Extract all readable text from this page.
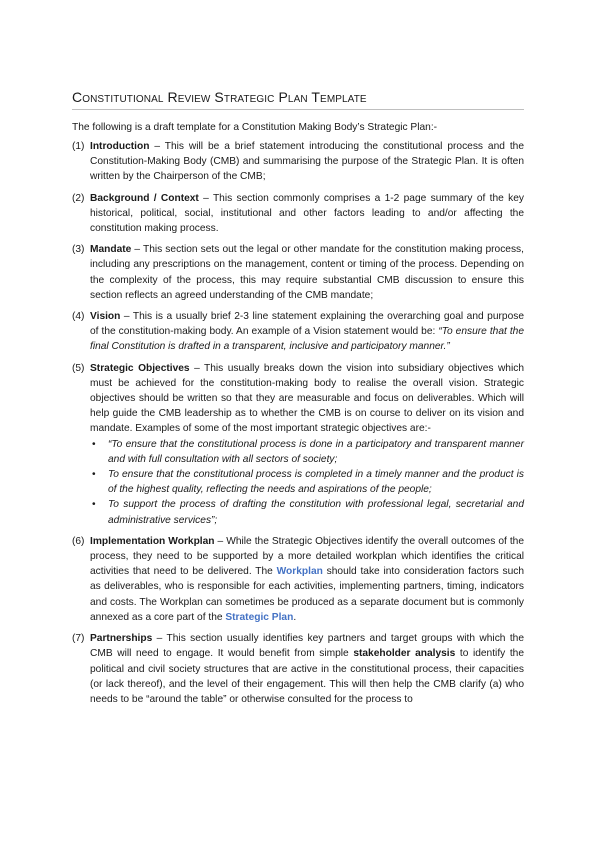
Constitutional Review Strategic Plan Template

The following is a draft template for a Constitution Making Body’s Strategic Plan:-

(1) Introduction – This will be a brief statement introducing the constitutional process and the Constitution-Making Body (CMB) and summarising the purpose of the Strategic Plan. It is often written by the Chairperson of the CMB;
(2) Background / Context – This section commonly comprises a 1-2 page summary of the key historical, political, social, institutional and other factors leading to and/or affecting the constitution making process.
(3) Mandate – This section sets out the legal or other mandate for the constitution making process, including any prescriptions on the management, content or timing of the process. Depending on the complexity of the process, this may require substantial CMB discussion to ensure this section reflects an agreed understanding of the CMB mandate;
(4) Vision – This is a usually brief 2-3 line statement explaining the overarching goal and purpose of the constitution-making body. An example of a Vision statement would be: “To ensure that the final Constitution is drafted in a transparent, inclusive and participatory manner.”
(5) Strategic Objectives – This usually breaks down the vision into subsidiary objectives which must be achieved for the constitution-making body to realise the overall vision. Strategic objectives should be written so that they are measurable and focus on deliverables. Which will help guide the CMB leadership as to whether the CMB is on course to deliver on its vision and mandate. Examples of some of the most important strategic objectives are:-
• “To ensure that the constitutional process is done in a participatory and transparent manner and with full consultation with all sectors of society;
• To ensure that the constitutional process is completed in a timely manner and the product is of the highest quality, reflecting the needs and aspirations of the people;
• To support the process of drafting the constitution with professional legal, secretarial and administrative services”;
(6) Implementation Workplan – While the Strategic Objectives identify the overall outcomes of the process, they need to be supported by a more detailed workplan which identifies the critical activities that need to be delivered. The Workplan should take into consideration factors such as deliverables, who is responsible for each activities, implementing partners, timing, indicators and costs. The Workplan can sometimes be produced as a separate document but is commonly annexed as a core part of the Strategic Plan.
(7) Partnerships – This section usually identifies key partners and target groups with which the CMB will need to engage. It would benefit from simple stakeholder analysis to identify the political and civil society structures that are active in the constitutional process, their capacities (or lack thereof), and the level of their engagement. This will then help the CMB clarify (a) who needs to be “around the table” or otherwise consulted for the process to
